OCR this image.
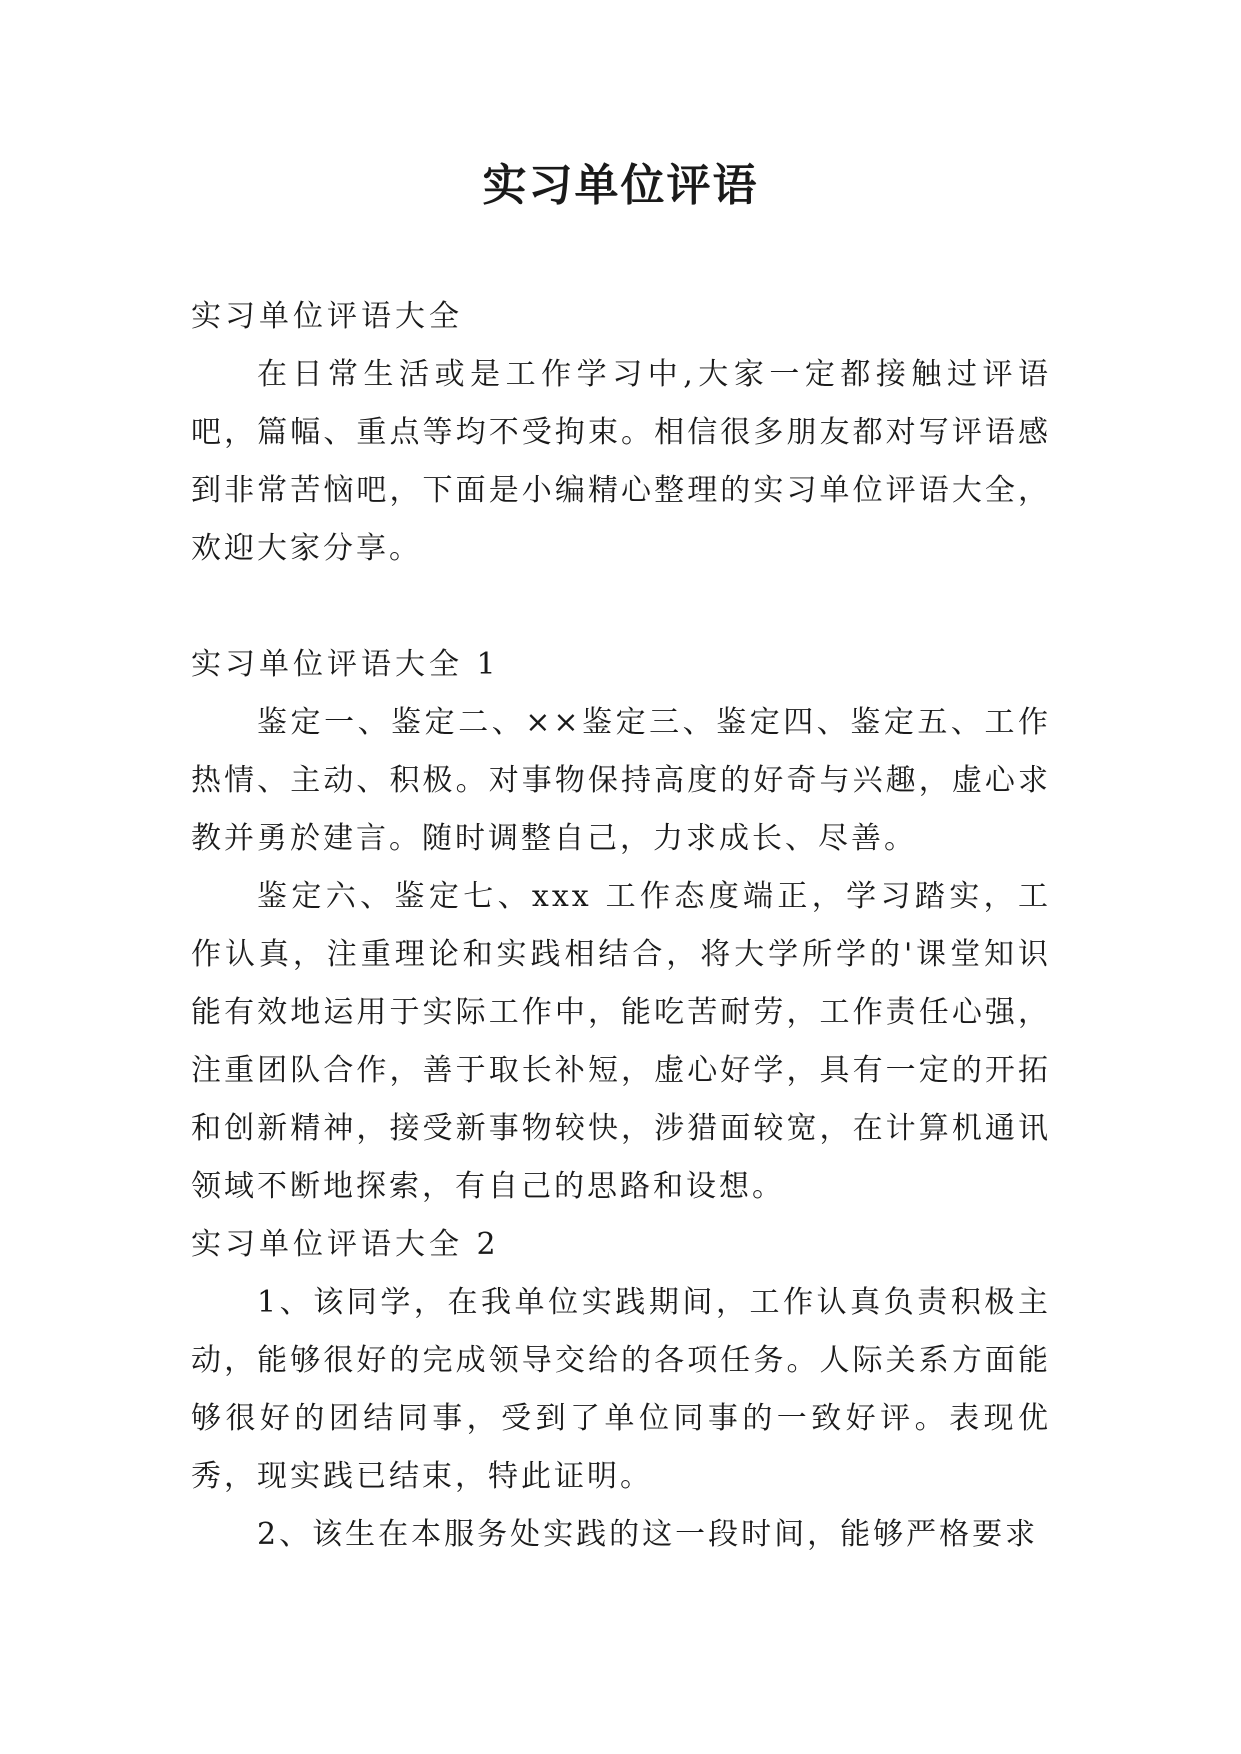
实习单位评语

实习单位评语大全

在日常生活或是工作学习中,大家一定都接触过评语吧，篇幅、重点等均不受拘束。相信很多朋友都对写评语感到非常苦恼吧，下面是小编精心整理的实习单位评语大全，欢迎大家分享。

实习单位评语大全 1

鉴定一、鉴定二、××鉴定三、鉴定四、鉴定五、工作热情、主动、积极。对事物保持高度的好奇与兴趣，虚心求教并勇於建言。随时调整自己，力求成长、尽善。

鉴定六、鉴定七、xxx 工作态度端正，学习踏实，工作认真，注重理论和实践相结合，将大学所学的'课堂知识能有效地运用于实际工作中，能吃苦耐劳，工作责任心强，注重团队合作，善于取长补短，虚心好学，具有一定的开拓和创新精神，接受新事物较快，涉猎面较宽，在计算机通讯领域不断地探索，有自己的思路和设想。

实习单位评语大全 2

1、该同学，在我单位实践期间，工作认真负责积极主动，能够很好的完成领导交给的各项任务。人际关系方面能够很好的团结同事，受到了单位同事的一致好评。表现优秀，现实践已结束，特此证明。

2、该生在本服务处实践的这一段时间，能够严格要求
